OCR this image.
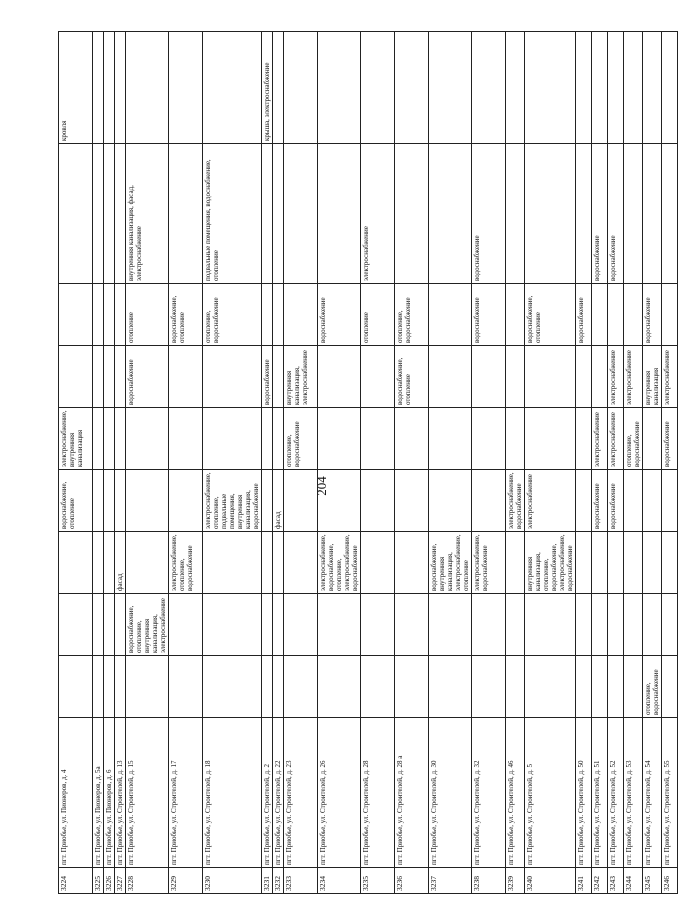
204
3224	пгт. Приобье, ул. Пионеров, д. 4				водоснабжение, отопление	электроснабжение, внутренняя канализация				кровля
3225	пгт. Приобье, ул. Пионеров, д. 5а									
3226	пгт. Приобье, ул. Пионеров, д. 6									
3227	пгт. Приобье, ул. Строителей, д. 13			фасад						
3228	пгт. Приобье, ул. Строителей, д. 15		водоснабжение, отопление, внутренняя канализация, электроснабжение				водоснабжение	отопление	внутренняя канализация, фасад, электроснабжение	
3229	пгт. Приобье, ул. Строителей, д. 17			электроснабжение, отопление, водоснабжение				водоснабжение, отопление		
3230	пгт. Приобье, ул. Строителей, д. 18				электроснабжение, отопление, подвальные помещения, внутренняя канализация, водоснабжение			отопление, водоснабжение	подвальные помещения, водоснабжение, отопление	
3231	пгт. Приобье, ул. Строителей, д. 2						водоснабжение			крыша, электроснабжение
3232	пгт. Приобье, ул. Строителей, д. 22				фасад					
3233	пгт. Приобье, ул. Строителей, д. 23					отопление, водоснабжение	внутренняя канализация, электроснабжение			
3234	пгт. Приобье, ул. Строителей, д. 26			электроснабжение, водоснабжение, отопление, электроснабжение, водоснабжение				водоснабжение		
3235	пгт. Приобье, ул. Строителей, д. 28							отопление	электроснабжение	
3236	пгт. Приобье, ул. Строителей, д. 28 а						водоснабжение, отопление	отопление, водоснабжение		
3237	пгт. Приобье, ул. Строителей, д. 30			водоснабжение, внутренняя канализация, электроснабжение, отопление						
3238	пгт. Приобье, ул. Строителей, д. 32			электроснабжение, водоснабжение				водоснабжение	водоснабжение	
3239	пгт. Приобье, ул. Строителей, д. 46				электроснабжение, водоснабжение					
3240	пгт. Приобье, ул. Строителей, д. 5			внутренняя канализация, отопление, водоснабжение, электроснабжение, водоснабжение	электроснабжение			водоснабжение, отопление		
3241	пгт. Приобье, ул. Строителей, д. 50							водоснабжение		
3242	пгт. Приобье, ул. Строителей, д. 51				водоснабжение	электроснабжение			водоснабжение	
3243	пгт. Приобье, ул. Строителей, д. 52				водоснабжение	электроснабжение	электроснабжение		водоснабжение	
3244	пгт. Приобье, ул. Строителей, д. 53					отопление, водоснабжение	электроснабжение			
3245	пгт. Приобье, ул. Строителей, д. 54	отопление, водоснабжение					внутренняя канализация	водоснабжение		
3246	пгт. Приобье, ул. Строителей, д. 55					водоснабжение	электроснабжение			
